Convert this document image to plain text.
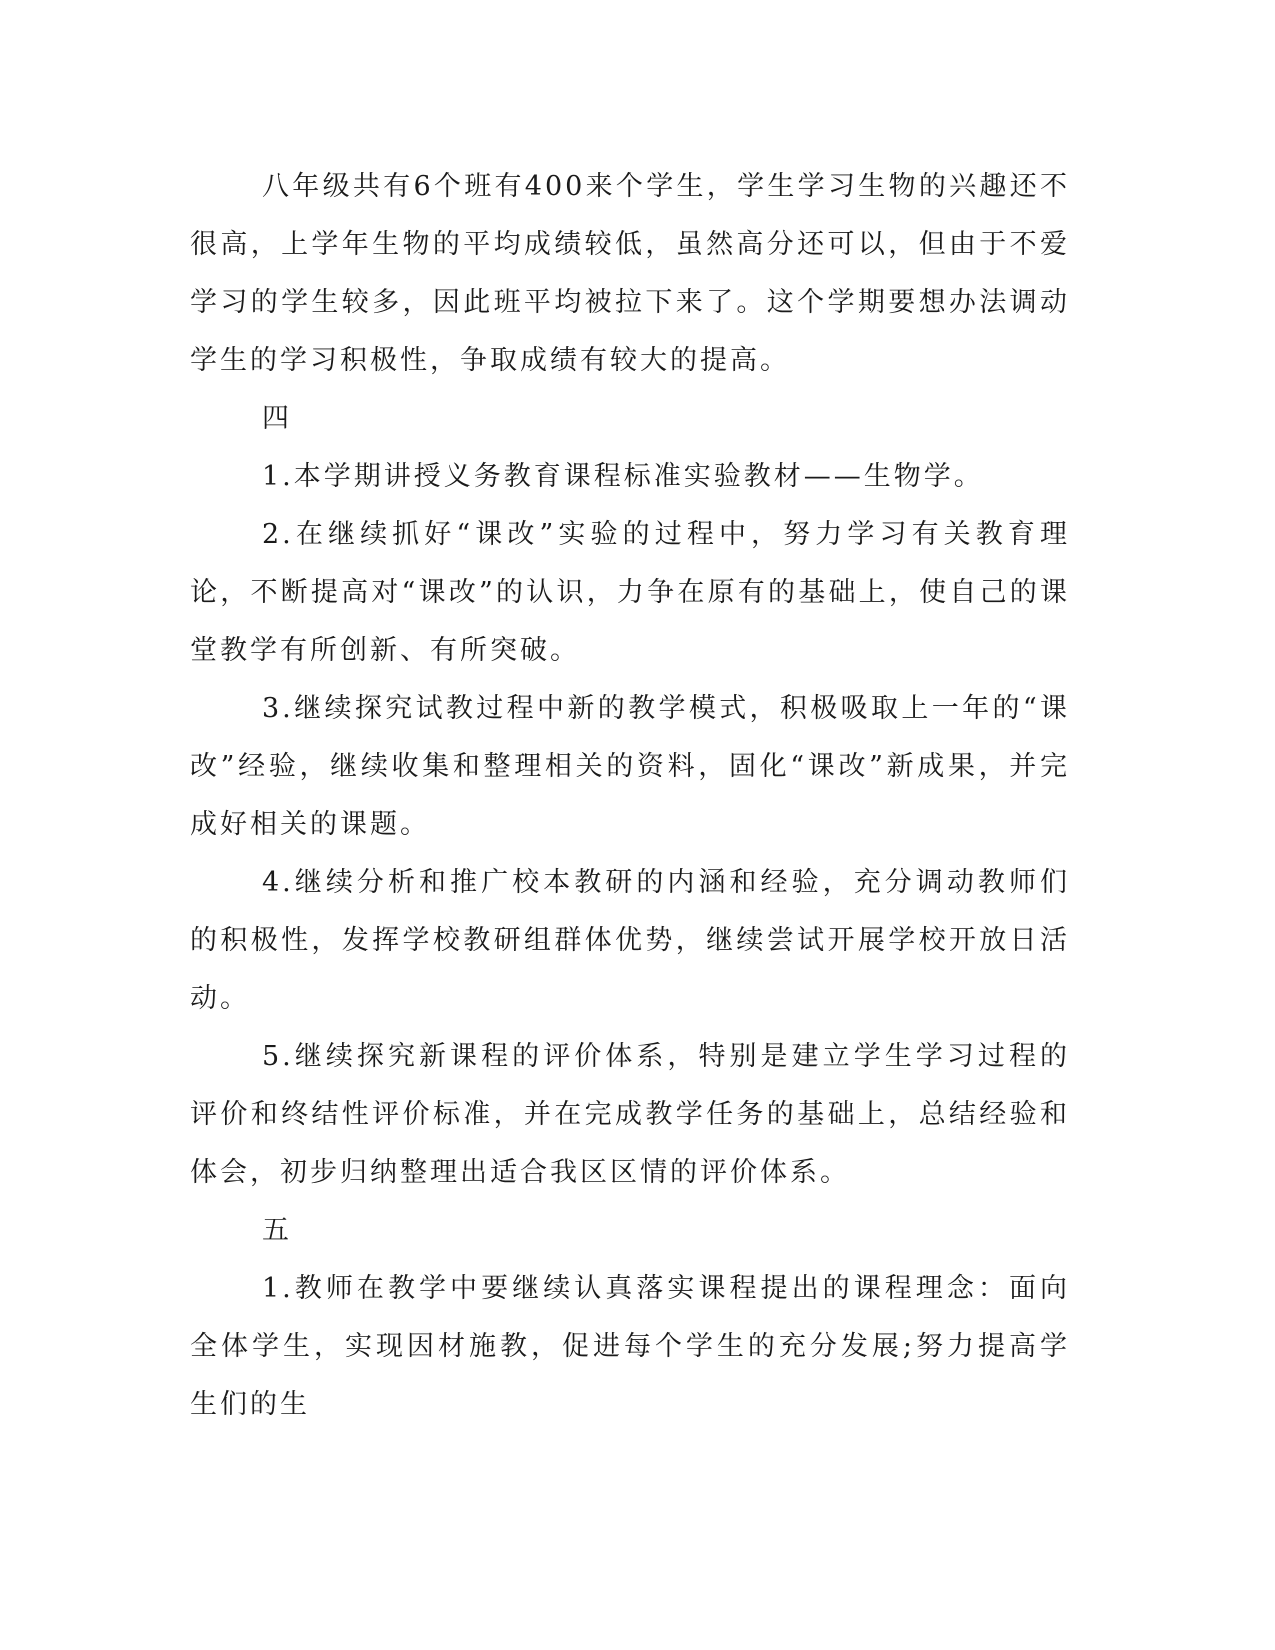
八年级共有6个班有400来个学生，学生学习生物的兴趣还不很高，上学年生物的平均成绩较低，虽然高分还可以，但由于不爱学习的学生较多，因此班平均被拉下来了。这个学期要想办法调动学生的学习积极性，争取成绩有较大的提高。

四

1.本学期讲授义务教育课程标准实验教材——生物学。

2.在继续抓好“课改”实验的过程中，努力学习有关教育理论，不断提高对“课改”的认识，力争在原有的基础上，使自己的课堂教学有所创新、有所突破。

3.继续探究试教过程中新的教学模式，积极吸取上一年的“课改”经验，继续收集和整理相关的资料，固化“课改”新成果，并完成好相关的课题。

4.继续分析和推广校本教研的内涵和经验，充分调动教师们的积极性，发挥学校教研组群体优势，继续尝试开展学校开放日活动。

5.继续探究新课程的评价体系，特别是建立学生学习过程的评价和终结性评价标准，并在完成教学任务的基础上，总结经验和体会，初步归纳整理出适合我区区情的评价体系。

五

1.教师在教学中要继续认真落实课程提出的课程理念：面向全体学生，实现因材施教，促进每个学生的充分发展;努力提高学生们的生
